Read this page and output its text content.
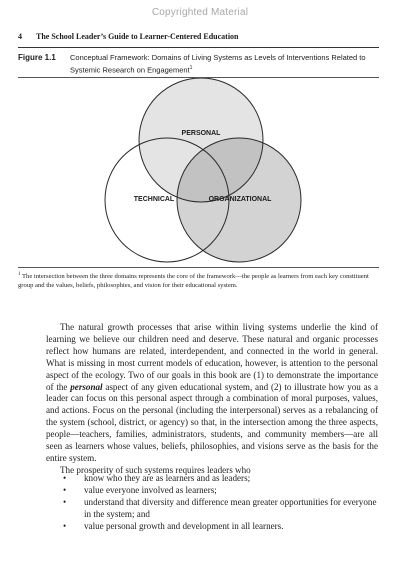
Copyrighted Material
4 The School Leader’s Guide to Learner-Centered Education
Figure 1.1 Conceptual Framework: Domains of Living Systems as Levels of Interventions Related to Systemic Research on Engagement$^1$
PERSONAL
TECHNICAL	ORGANIZATIONAL
$^1$ The intersection between the three domains represents the core of the framework—the people as learners from each key constituent group and the values, beliefs, philosophies, and vision for their educational system.

The natural growth processes that arise within living systems underlie the kind of learning we believe our children need and deserve. These natural and organic processes reflect how humans are related, interdependent, and connected in the world in general. What is missing in most current models of education, however, is attention to the personal aspect of the ecology. Two of our goals in this book are (1) to demonstrate the importance of the personal aspect of any given educational system, and (2) to illustrate how you as a leader can focus on this personal aspect through a combination of moral purposes, values, and actions. Focus on the personal (including the interpersonal) serves as a rebalancing of the system (school, district, or agency) so that, in the intersection among the three aspects, people—teachers, families, administrators, students, and community members—are all seen as learners whose values, beliefs, philosophies, and visions serve as the basis for the entire system.

The prosperity of such systems requires leaders who

•	know who they are as learners and as leaders;
•	value everyone involved as learners;
•	understand that diversity and difference mean greater opportunities for everyone in the system; and
•	value personal growth and development in all learners.
